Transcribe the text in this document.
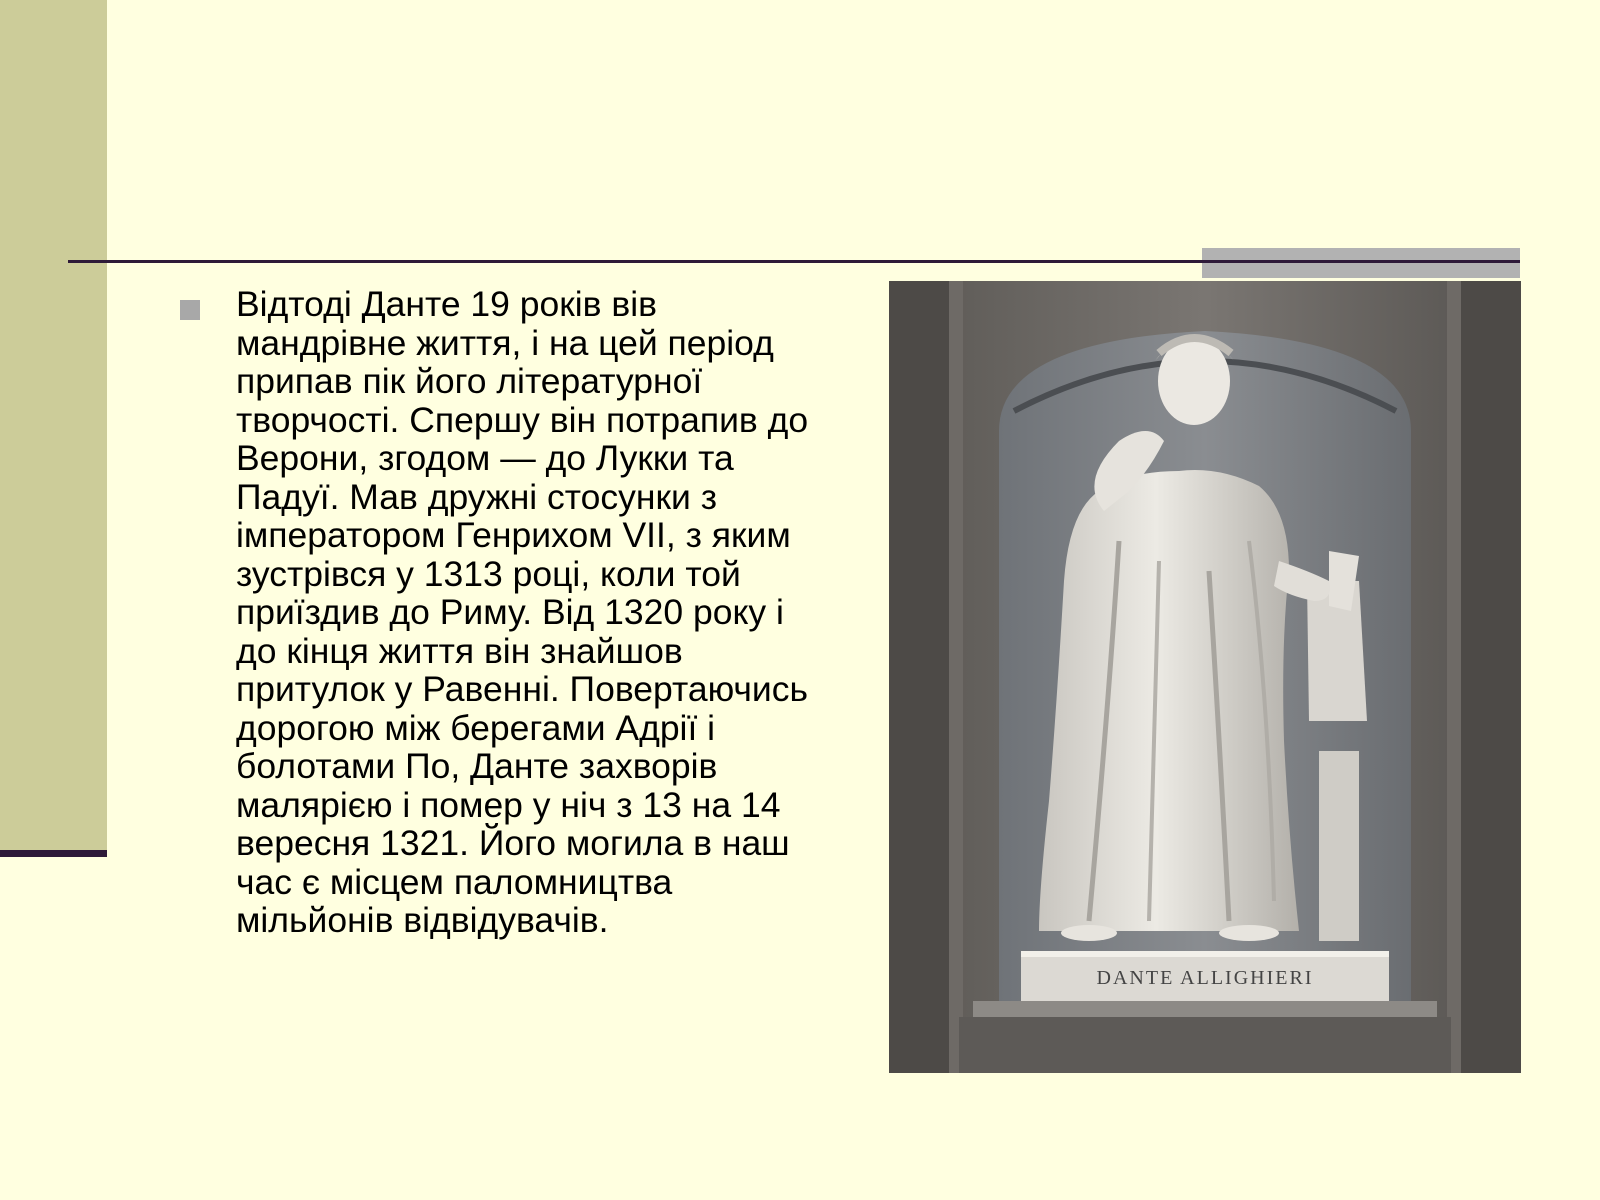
Відтоді Данте 19 років вів мандрівне життя, і на цей період припав пік його літературної творчості. Спершу він потрапив до Верони, згодом — до Лукки та Падуї. Мав дружні стосунки з імператором Генрихом VII, з яким зустрівся у 1313 році, коли той приїздив до Риму. Від 1320 року і до кінця життя він знайшов притулок у Равенні. Повертаючись дорогою між берегами Адрії і болотами По, Данте захворів малярією і помер у ніч з 13 на 14 вересня 1321. Його могила в наш час є місцем паломництва мільйонів відвідувачів.

DANTE ALLIGHIERI
